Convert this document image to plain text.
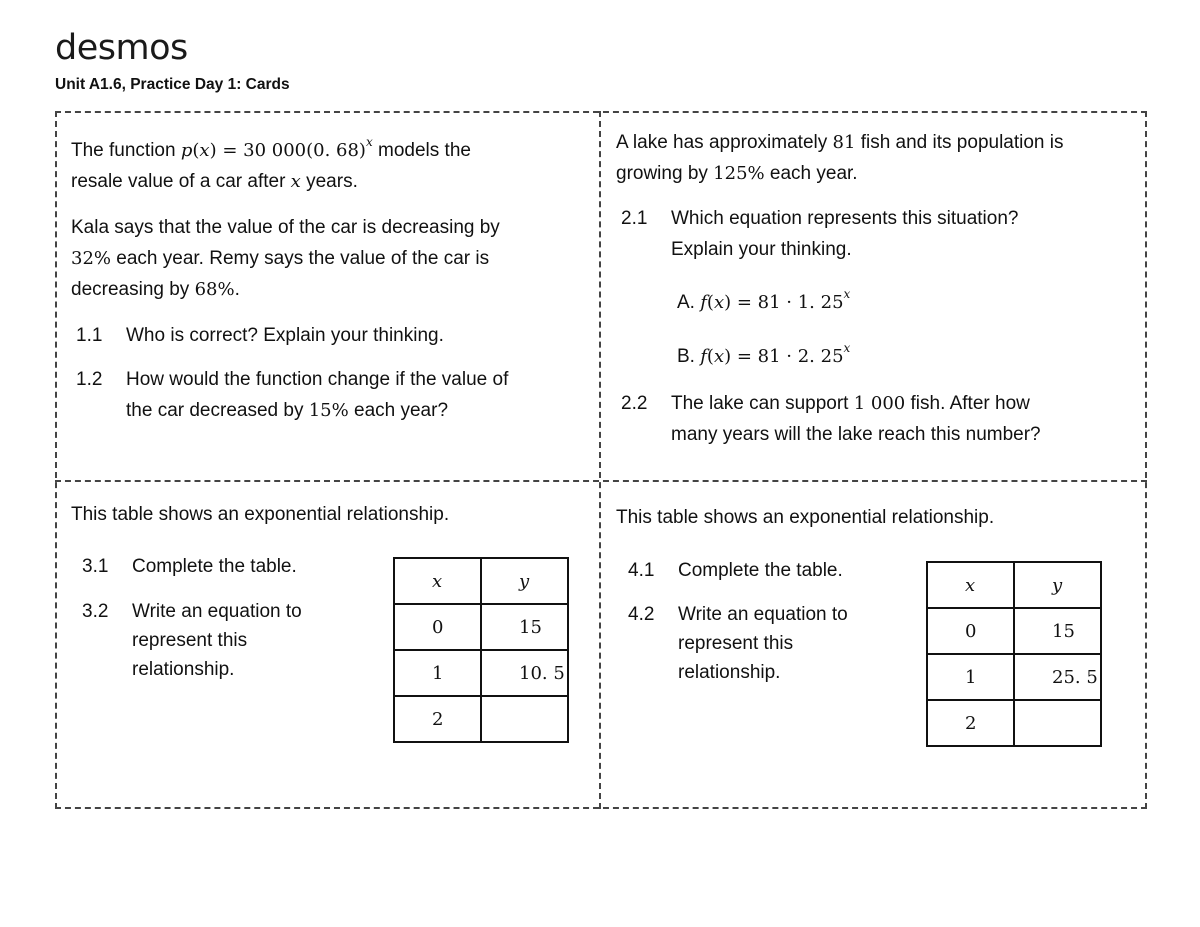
desmos
Unit A1.6, Practice Day 1: Cards
The function p(x) = 30 000(0. 68)$^x$ models the
resale value of a car after x years.
Kala says that the value of the car is decreasing by
32% each year. Remy says the value of the car is
decreasing by 68%.
1.1 Who is correct? Explain your thinking.
1.2 How would the function change if the value of
the car decreased by 15% each year?
A lake has approximately 81 fish and its population is
growing by 125% each year.
2.1 Which equation represents this situation?
Explain your thinking.
A. f(x) = 81 · 1. 25$^x$
B. f(x) = 81 · 2. 25$^x$
2.2 The lake can support 1 000 fish. After how
many years will the lake reach this number?
This table shows an exponential relationship.
3.1 Complete the table.
3.2 Write an equation to
represent this
relationship.
x	y
0	15
1	10. 5
2	
This table shows an exponential relationship.
4.1 Complete the table.
4.2 Write an equation to
represent this
relationship.
x	y
0	15
1	25. 5
2	
